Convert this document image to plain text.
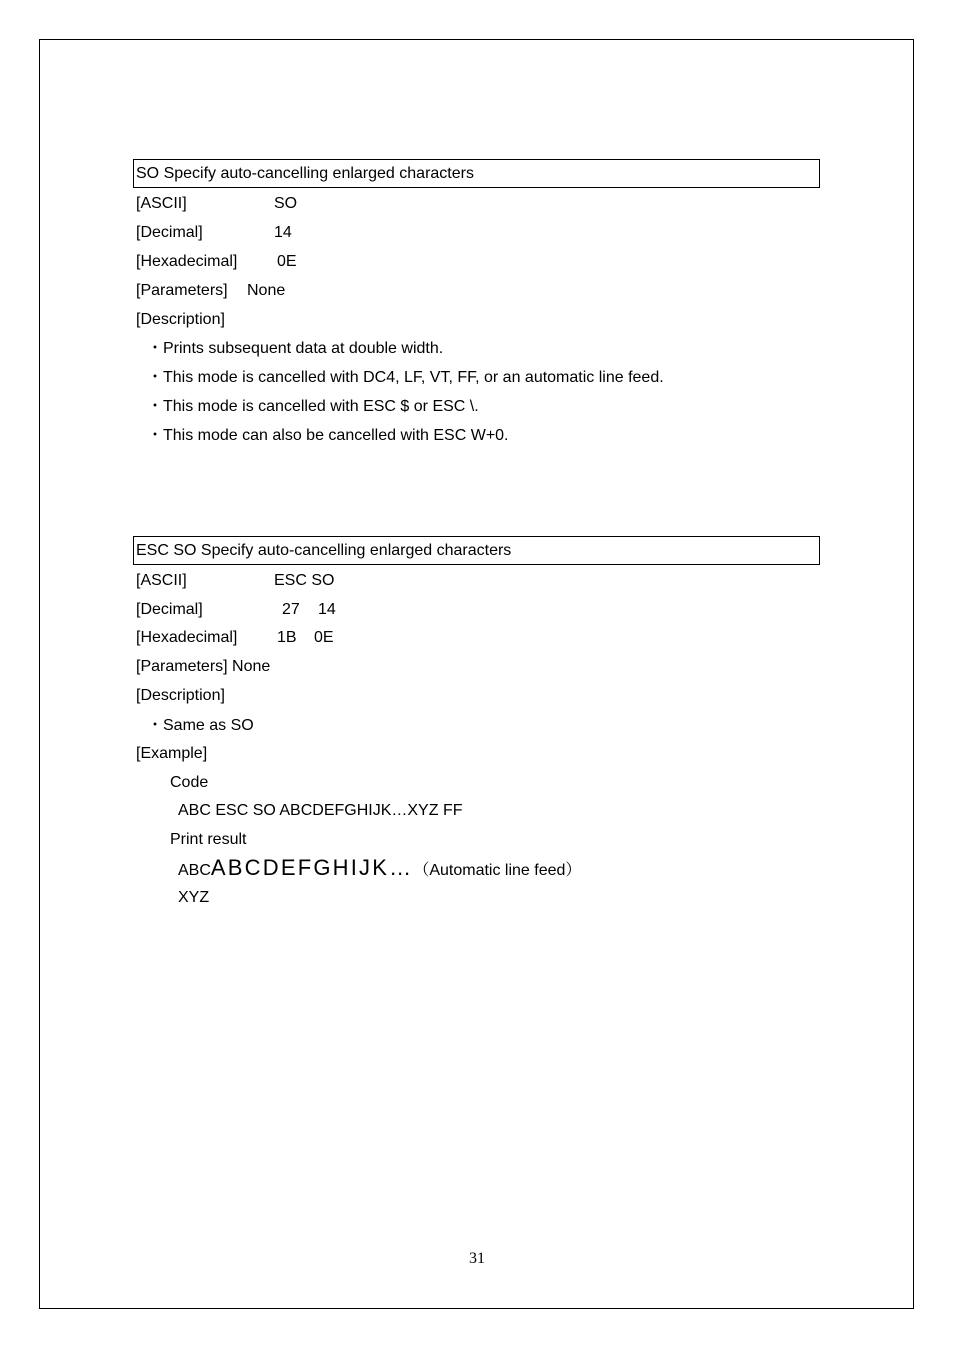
SO Specify auto-cancelling enlarged characters
[ASCII]	SO
[Decimal]	14
[Hexadecimal] 0E
[Parameters] None
[Description]
・Prints subsequent data at double width.
・This mode is cancelled with DC4, LF, VT, FF, or an automatic line feed.
・This mode is cancelled with ESC $ or ESC \.
・This mode can also be cancelled with ESC W+0.
ESC SO Specify auto-cancelling enlarged characters
[ASCII]	ESC SO
[Decimal]	27 14
[Hexadecimal] 1B 0E
[Parameters] None
[Description]
・Same as SO
[Example]
Code
ABC ESC SO ABCDEFGHIJK…XYZ FF
Print result
ABCABCDEFGHIJK…（Automatic line feed）
XYZ
31
